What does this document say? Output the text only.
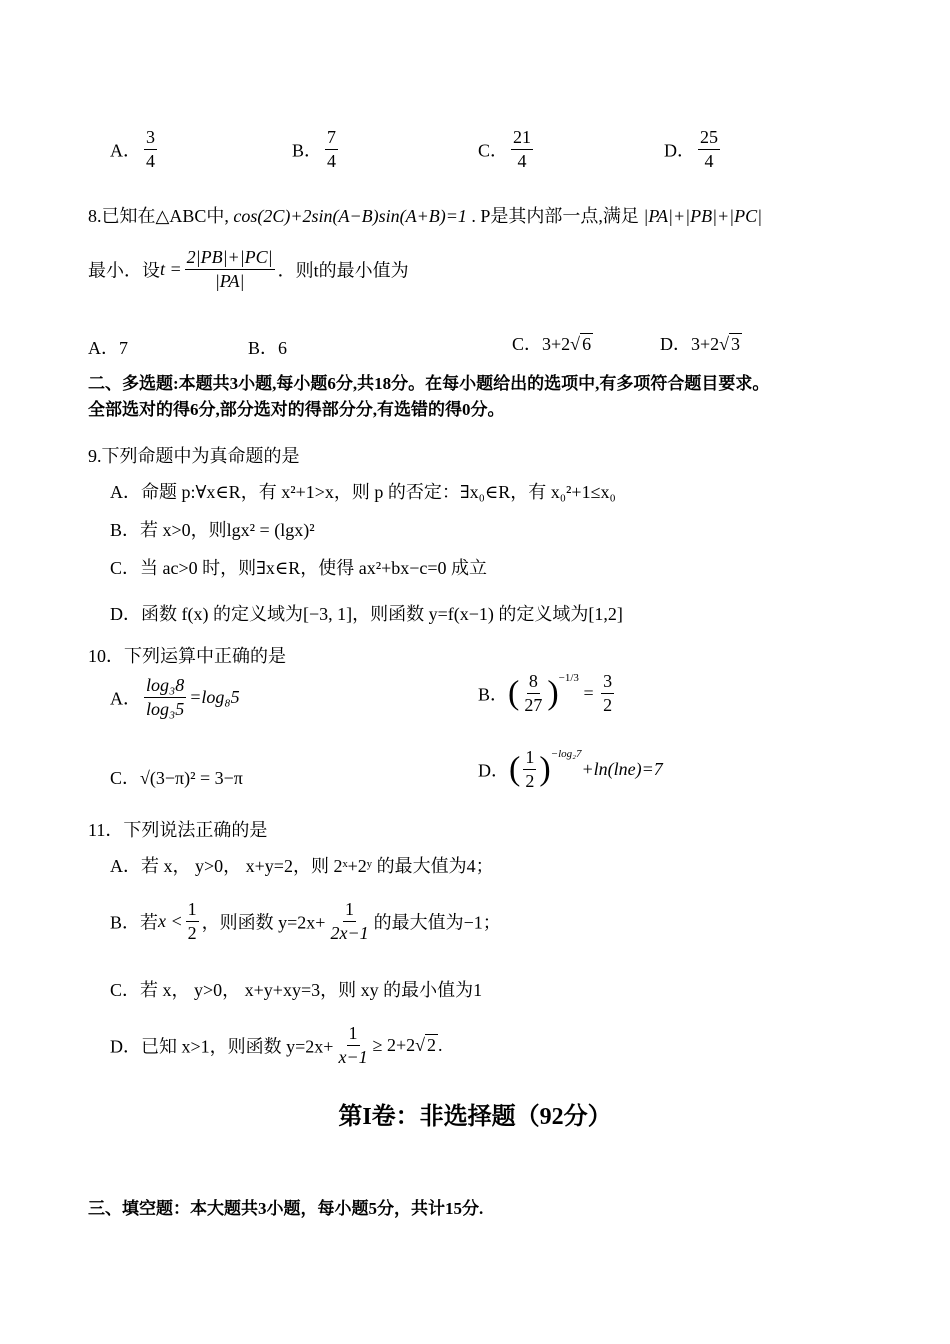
A． $\frac{3}{4}$	B． $\frac{7}{4}$	C． $\frac{21}{4}$	D． $\frac{25}{4}$
8.已知在△ABC中, cos(2C)+2sin(A−B)sin(A+B)=1 . P是其内部一点,满足 |PA|+|PB|+|PC|
最小．设$t = \frac{2|PB|+|PC|}{|PA|}$ ．则t的最小值为
A．7	B．6	C．3+2√ 6	D．3+2√ 3
二、多选题:本题共3小题,每小题6分,共18分。在每小题给出的选项中,有多项符合题目要求。
全部选对的得6分,部分选对的得部分分,有选错的得0分。
9.下列命题中为真命题的是
A．命题 p:∀x∈R，有 x²+1>x，则 p 的否定：∃x₀∈R，有 x₀²+1≤x₀
B．若 x>0，则lgx² = (lgx)²
C．当 ac>0 时，则∃x∈R，使得 ax²+bx−c=0 成立
D．函数 f(x) 的定义域为[−3, 1]，则函数 y=f(x−1) 的定义域为[1,2]
10．下列运算中正确的是
A． $\frac{\text{log₃8}}{\text{log₃5}} =\log_85$	B．( $\frac{8}{27} )^{-1/3} = \frac{3}{2}$
C．√(3−π)² = 3−π	D．( $\frac{1}{2} )^{-log_27}+\ln(\ln e)=7$
11．下列说法正确的是
A．若 x， y>0， x+y=2，则 2ˣ+2ʸ 的最大值为4；
B．若$x < \frac{1}{2}$ ，则函数 $y=2x+ \frac{1}{2x-1}$ 的最大值为−1；
C．若 x， y>0， x+y+xy=3，则 xy 的最小值为1
D．已知 x>1，则函数 $y=2x+ \frac{1}{x-1} \ge 2+2√$ 2 .
第I卷：非选择题（92分）
三、填空题：本大题共3小题，每小题5分，共计15分.
